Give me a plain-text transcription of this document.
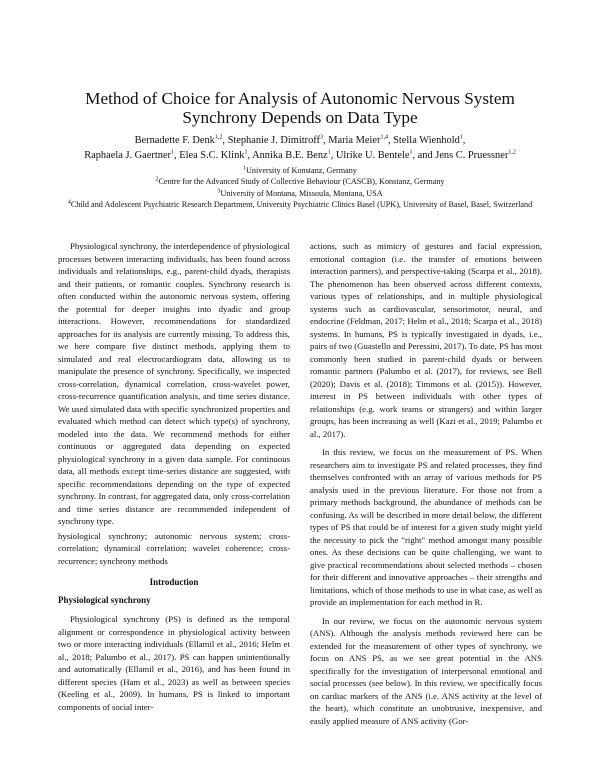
Method of Choice for Analysis of Autonomic Nervous System Synchrony Depends on Data Type
Bernadette F. Denk$^{1,2}$, Stephanie J. Dimitroff$^3$, Maria Meier$^{1,4}$, Stella Wienhold$^1$,
Raphaela J. Gaertner$^1$, Elea S.C. Klink$^1$, Annika B.E. Benz$^1$, Ulrike U. Bentele$^1$, and Jens C. Pruessner$^{1,2}$
$^1$University of Konstanz, Germany
$^2$Centre for the Advanced Study of Collective Behaviour (CASCB), Konstanz, Germany
$^3$University of Montana, Missoula, Montana, USA
$^4$Child and Adolescent Psychiatric Research Department, University Psychiatric Clinics Basel (UPK), University of Basel, Basel, Switzerland

Physiological synchrony, the interdependence of physiological processes between interacting individuals, has been found across individuals and relationships, e.g., parent-child dyads, therapists and their patients, or romantic couples. Synchrony research is often conducted within the autonomic nervous system, offering the potential for deeper insights into dyadic and group interactions. However, recommendations for standardized approaches for its analysis are currently missing. To address this, we here compare five distinct methods, applying them to simulated and real electrocardiogram data, allowing us to manipulate the presence of synchrony. Specifically, we inspected cross-correlation, dynamical correlation, cross-wavelet power, cross-recurrence quantification analysis, and time series distance. We used simulated data with specific synchronized properties and evaluated which method can detect which type(s) of synchrony, modeled into the data. We recommend methods for either continuous or aggregated data depending on expected physiological synchrony in a given data sample. For continuous data, all methods except time-series distance are suggested, with specific recommendations depending on the type of expected synchrony. In contrast, for aggregated data, only cross-correlation and time series distance are recommended independent of synchrony type.

hysiological synchrony; autonomic nervous system; cross-correlation; dynamical correlation; wavelet coherence; cross-recurrence; synchrony methods

Introduction

Physiological synchrony

Physiological synchrony (PS) is defined as the temporal alignment or correspondence in physiological activity between two or more interacting individuals (Ellamil et al., 2016; Helm et al., 2018; Palumbo et al., 2017). PS can happen unintentionally and automatically (Ellamil et al., 2016), and has been found in different species (Ham et al., 2023) as well as between species (Keeling et al., 2009). In humans, PS is linked to important components of social inter-

actions, such as mimicry of gestures and facial expression, emotional contagion (i.e. the transfer of emotions between interaction partners), and perspective-taking (Scarpa et al., 2018). The phenomenon has been observed across different contexts, various types of relationships, and in multiple physiological systems such as cardiovascular, sensorimotor, neural, and endocrine (Feldman, 2017; Helm et al., 2018; Scarpa et al., 2018) systems. In humans, PS is typically investigated in dyads, i.e., pairs of two (Guastello and Peressini, 2017). To date, PS has most commonly been studied in parent-child dyads or between romantic partners (Palumbo et al. (2017), for reviews, see Bell (2020); Davis et al. (2018); Timmons et al. (2015)). However, interest in PS between individuals with other types of relationships (e.g. work teams or strangers) and within larger groups, has been increasing as well (Kazi et al., 2019; Palumbo et al., 2017).

In this review, we focus on the measurement of PS. When researchers aim to investigate PS and related processes, they find themselves confronted with an array of various methods for PS analysis used in the previous literature. For those not from a primary methods background, the abundance of methods can be confusing. As will be described in more detail below, the different types of PS that could be of interest for a given study might yield the necessity to pick the "right" method amongst many possible ones. As these decisions can be quite challenging, we want to give practical recommendations about selected methods – chosen for their different and innovative approaches – their strengths and limitations, which of those methods to use in what case, as well as provide an implementation for each method in R.

In our review, we focus on the autonomic nervous system (ANS). Although the analysis methods reviewed here can be extended for the measurement of other types of synchrony, we focus on ANS PS, as we see great potential in the ANS specifically for the investigation of interpersonal emotional and social processes (see below). In this review, we specifically focus on cardiac markers of the ANS (i.e. ANS activity at the level of the heart), which constitute an unobtrusive, inexpensive, and easily applied measure of ANS activity (Gor-
